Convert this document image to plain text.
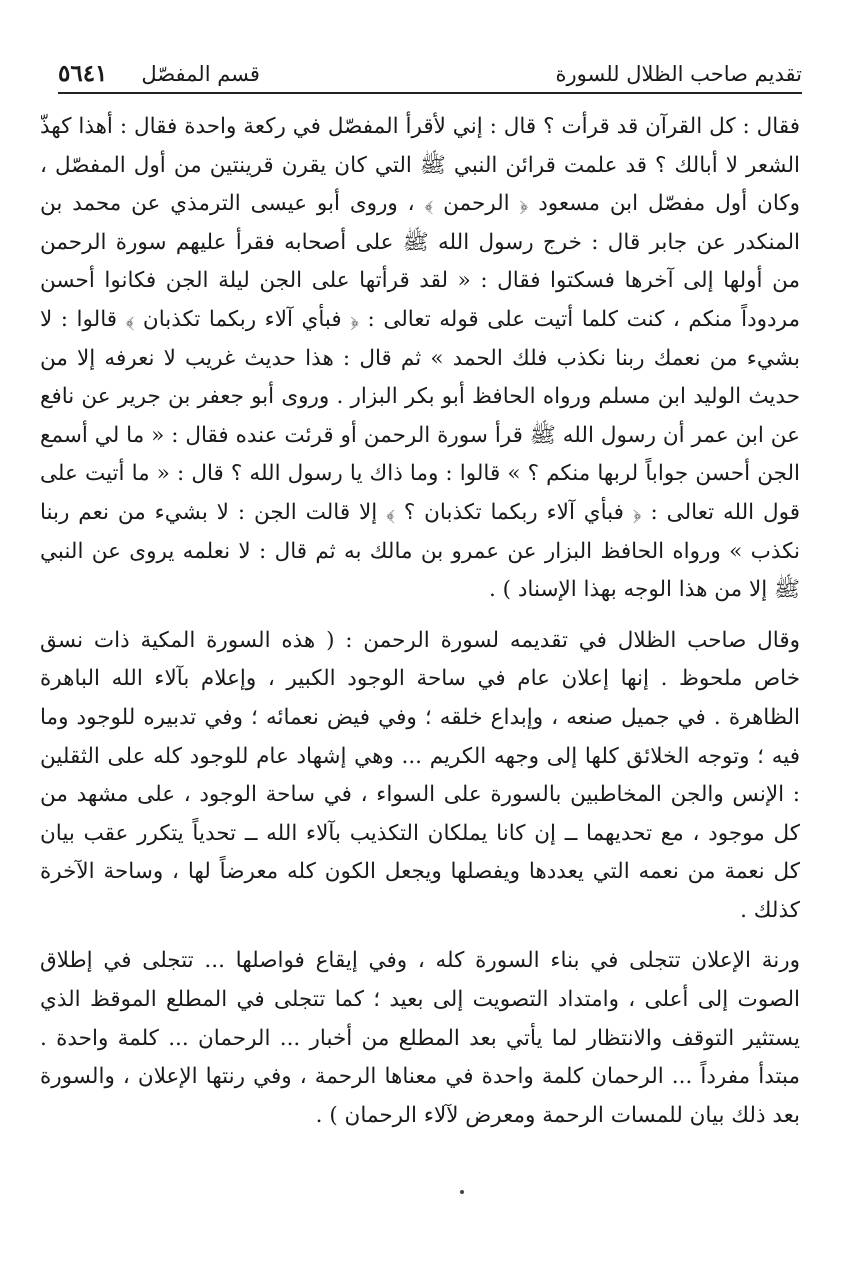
تقديم صاحب الظلال للسورة
قسم المفصّل
٥٦٤١

فقال : كل القرآن قد قرأت ؟ قال : إني لأقرأ المفصّل في ركعة واحدة فقال : أهذا كهذّ الشعر لا أبالك ؟ قد علمت قرائن النبي ﷺ التي كان يقرن قرينتين من أول المفصّل ، وكان أول مفصّل ابن مسعود ﴿ الرحمن ﴾ ، وروى أبو عيسى الترمذي عن محمد بن المنكدر عن جابر قال : خرج رسول الله ﷺ على أصحابه فقرأ عليهم سورة الرحمن من أولها إلى آخرها فسكتوا فقال : « لقد قرأتها على الجن ليلة الجن فكانوا أحسن مردوداً منكم ، كنت كلما أتيت على قوله تعالى : ﴿ فبأي آلاء ربكما تكذبان ﴾ قالوا : لا بشيء من نعمك ربنا نكذب فلك الحمد » ثم قال : هذا حديث غريب لا نعرفه إلا من حديث الوليد ابن مسلم ورواه الحافظ أبو بكر البزار . وروى أبو جعفر بن جرير عن نافع عن ابن عمر أن رسول الله ﷺ قرأ سورة الرحمن أو قرئت عنده فقال : « ما لي أسمع الجن أحسن جواباً لربها منكم ؟ » قالوا : وما ذاك يا رسول الله ؟ قال : « ما أتيت على قول الله تعالى : ﴿ فبأي آلاء ربكما تكذبان ؟ ﴾ إلا قالت الجن : لا بشيء من نعم ربنا نكذب » ورواه الحافظ البزار عن عمرو بن مالك به ثم قال : لا نعلمه يروى عن النبي ﷺ إلا من هذا الوجه بهذا الإسناد ) .

وقال صاحب الظلال في تقديمه لسورة الرحمن : ( هذه السورة المكية ذات نسق خاص ملحوظ . إنها إعلان عام في ساحة الوجود الكبير ، وإعلام بآلاء الله الباهرة الظاهرة . في جميل صنعه ، وإبداع خلقه ؛ وفي فيض نعمائه ؛ وفي تدبيره للوجود وما فيه ؛ وتوجه الخلائق كلها إلى وجهه الكريم ... وهي إشهاد عام للوجود كله على الثقلين : الإنس والجن المخاطبين بالسورة على السواء ، في ساحة الوجود ، على مشهد من كل موجود ، مع تحديهما ــ إن كانا يملكان التكذيب بآلاء الله ــ تحدياً يتكرر عقب بيان كل نعمة من نعمه التي يعددها ويفصلها ويجعل الكون كله معرضاً لها ، وساحة الآخرة كذلك .

ورنة الإعلان تتجلى في بناء السورة كله ، وفي إيقاع فواصلها ... تتجلى في إطلاق الصوت إلى أعلى ، وامتداد التصويت إلى بعيد ؛ كما تتجلى في المطلع الموقظ الذي يستثير التوقف والانتظار لما يأتي بعد المطلع من أخبار ... الرحمان ... كلمة واحدة . مبتدأ مفرداً ... الرحمان كلمة واحدة في معناها الرحمة ، وفي رنتها الإعلان ، والسورة بعد ذلك بيان للمسات الرحمة ومعرض لآلاء الرحمان ) .
